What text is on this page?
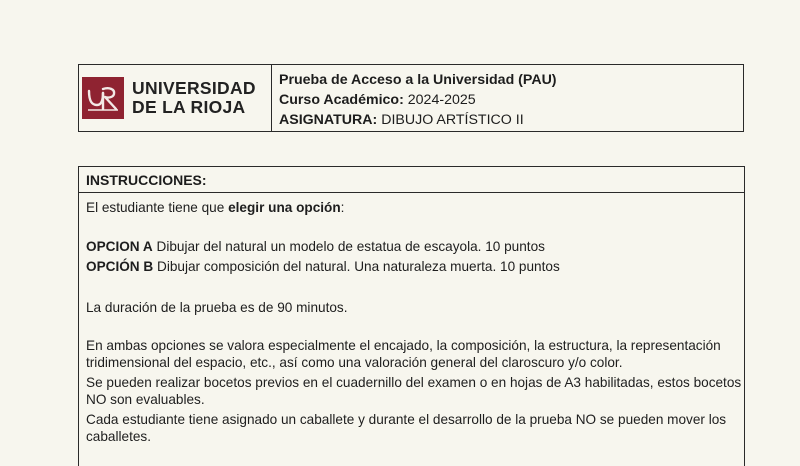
UNIVERSIDAD
DE LA RIOJA
Prueba de Acceso a la Universidad (PAU)
Curso Académico: 2024-2025
ASIGNATURA: DIBUJO ARTÍSTICO II
INSTRUCCIONES:
El estudiante tiene que elegir una opción:
OPCION A Dibujar del natural un modelo de estatua de escayola. 10 puntos
OPCIÓN B Dibujar composición del natural. Una naturaleza muerta. 10 puntos
La duración de la prueba es de 90 minutos.
En ambas opciones se valora especialmente el encajado, la composición, la estructura, la representación
tridimensional del espacio, etc., así como una valoración general del claroscuro y/o color.
Se pueden realizar bocetos previos en el cuadernillo del examen o en hojas de A3 habilitadas, estos bocetos
NO son evaluables.
Cada estudiante tiene asignado un caballete y durante el desarrollo de la prueba NO se pueden mover los
caballetes.
